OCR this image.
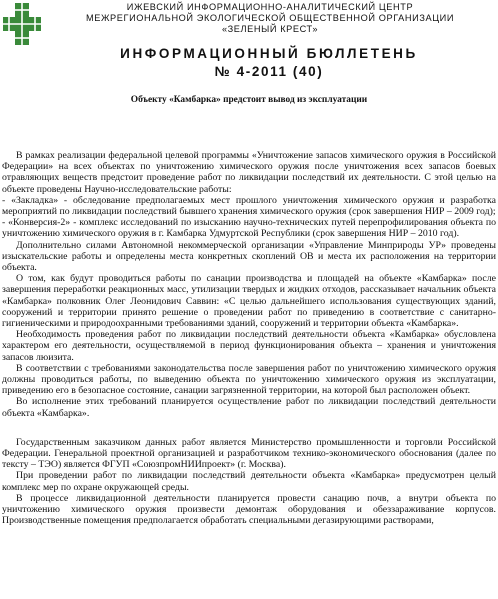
ИЖЕВСКИЙ ИНФОРМАЦИОННО-АНАЛИТИЧЕСКИЙ ЦЕНТР
МЕЖРЕГИОНАЛЬНОЙ ЭКОЛОГИЧЕСКОЙ ОБЩЕСТВЕННОЙ ОРГАНИЗАЦИИ
«ЗЕЛЕНЫЙ КРЕСТ»
ИНФОРМАЦИОННЫЙ БЮЛЛЕТЕНЬ
№ 4-2011 (40)
Объекту «Камбарка» предстоит вывод из эксплуатации

В рамках реализации федеральной целевой программы «Уничтожение запасов химического оружия в Российской Федерации» на всех объектах по уничтожению химического оружия после уничтожения всех запасов боевых отравляющих веществ предстоит проведение работ по ликвидации последствий их деятельности. С этой целью на объекте проведены Научно-исследовательские работы:

- «Закладка» - обследование предполагаемых мест прошлого уничтожения химического оружия и разработка мероприятий по ликвидации последствий бывшего хранения химического оружия (срок завершения НИР – 2009 год);

- «Конверсия-2» - комплекс исследований по изысканию научно-технических путей перепрофилирования объекта по уничтожению химического оружия в г. Камбарка Удмуртской Республики (срок завершения НИР – 2010 год).

Дополнительно силами Автономной некоммерческой организации «Управление Минприроды УР» проведены изыскательские работы и определены места конкретных скоплений ОВ и места их расположения на территории объекта.

О том, как будут проводиться работы по санации производства и площадей на объекте «Камбарка» после завершения переработки реакционных масс, утилизации твердых и жидких отходов, рассказывает начальник объекта «Камбарка» полковник Олег Леонидович Саввин: «С целью дальнейшего использования существующих зданий, сооружений и территории принято решение о проведении работ по приведению в соответствие с санитарно-гигиеническими и природоохранными требованиями зданий, сооружений и территории объекта «Камбарка».

Необходимость проведения работ по ликвидации последствий деятельности объекта «Камбарка» обусловлена характером его деятельности, осуществляемой в период функционирования объекта – хранения и уничтожения запасов люизита.

В соответствии с требованиями законодательства после завершения работ по уничтожению химического оружия должны проводиться работы, по выведению объекта по уничтожению химического оружия из эксплуатации, приведению его в безопасное состояние, санации загрязненной территории, на которой был расположен объект.

Во исполнение этих требований планируется осуществление работ по ликвидации последствий деятельности объекта «Камбарка».

Государственным заказчиком данных работ является Министерство промышленности и торговли Российской Федерации. Генеральной проектной организацией и разработчиком технико-экономического обоснования (далее по тексту – ТЭО) является ФГУП «СоюзпромНИИпроект» (г. Москва).

При проведении работ по ликвидации последствий деятельности объекта «Камбарка» предусмотрен целый комплекс мер по охране окружающей среды.

В процессе ликвидационной деятельности планируется провести санацию почв, а внутри объекта по уничтожению химического оружия произвести демонтаж оборудования и обеззараживание корпусов. Производственные помещения предполагается обработать специальными дегазирующими растворами,
